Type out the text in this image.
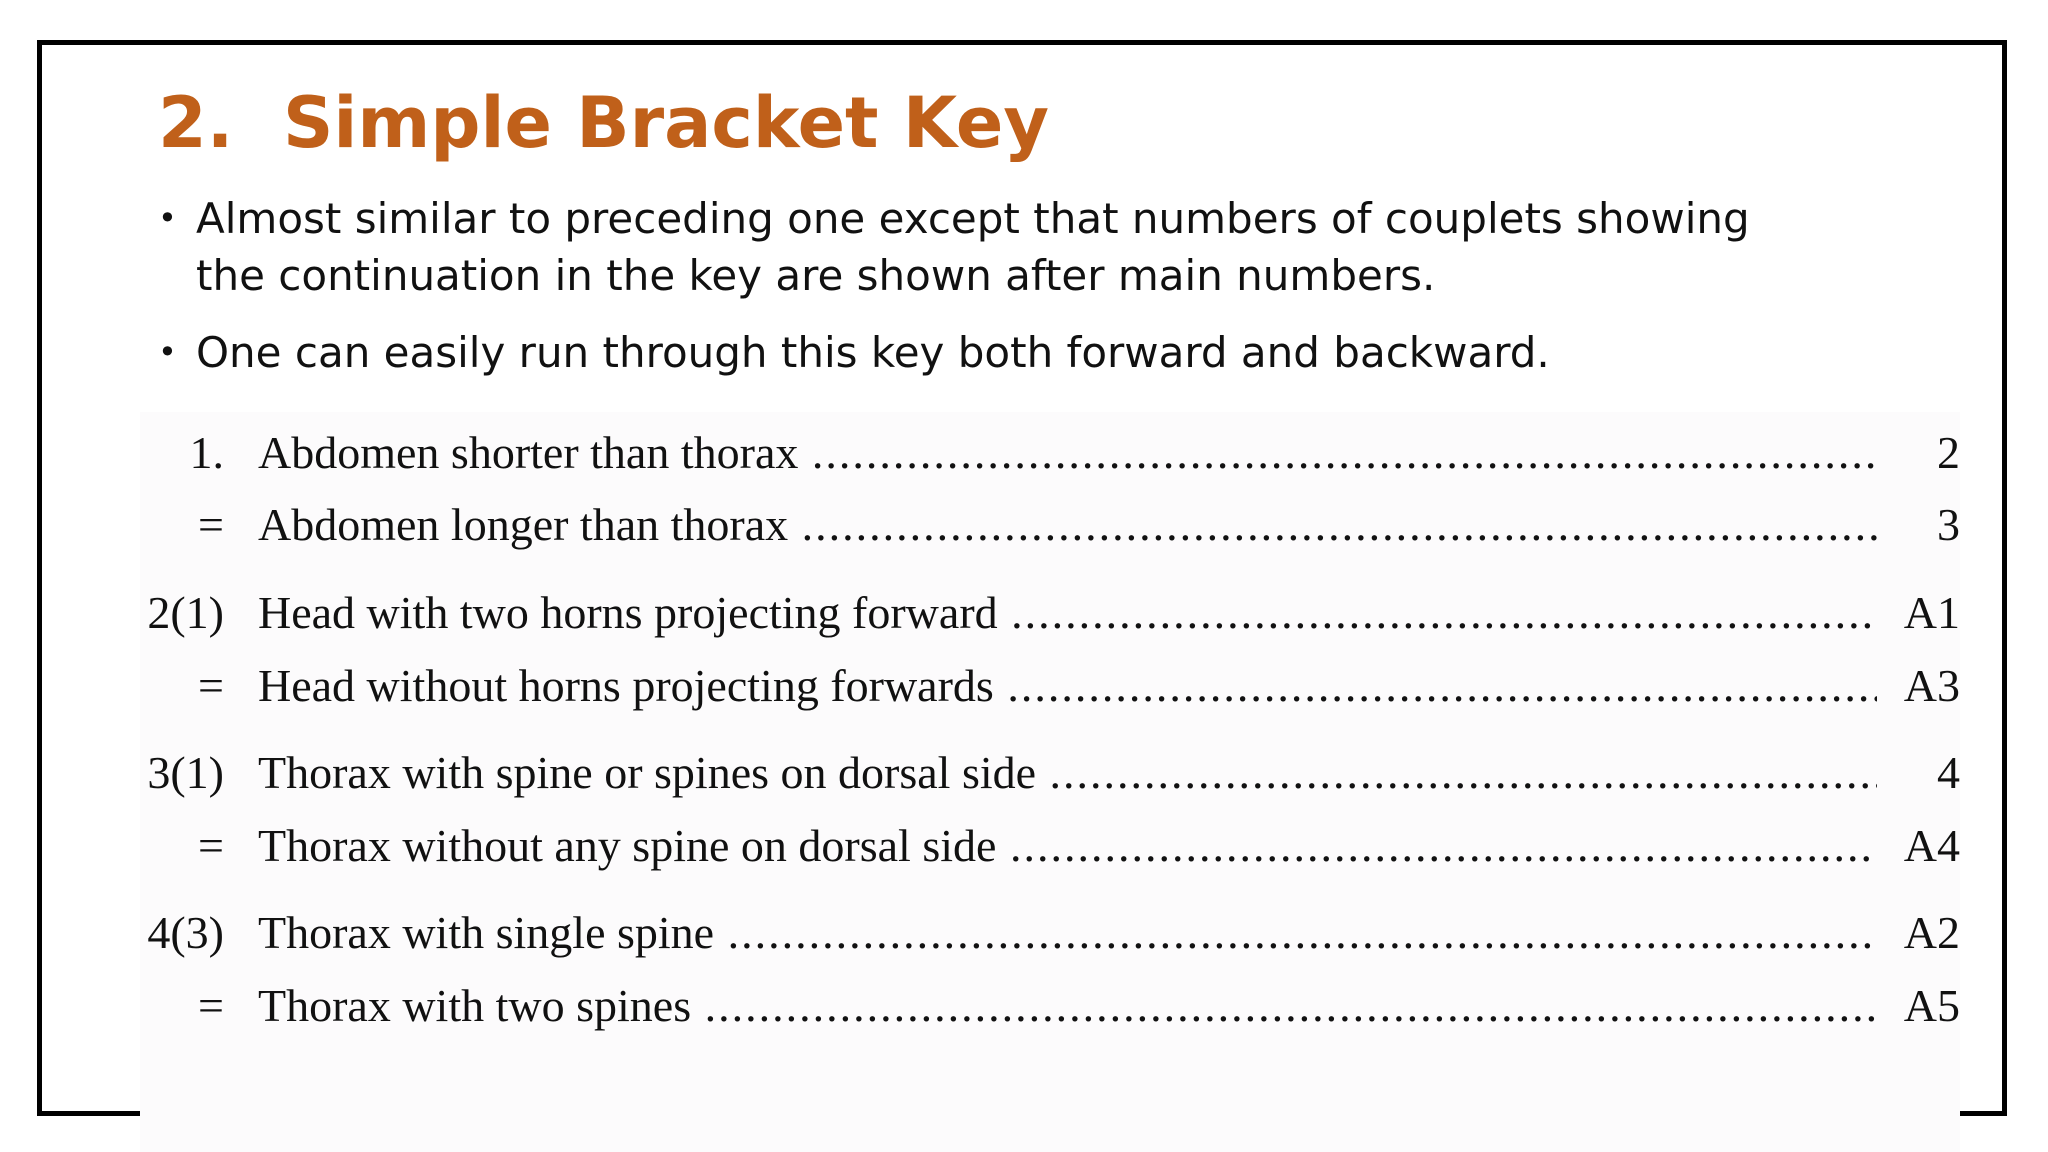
2. Simple Bracket Key
• Almost similar to preceding one except that numbers of couplets showing the continuation in the key are shown after main numbers.
• One can easily run through this key both forward and backward.
1. Abdomen shorter than thorax .....	2
= Abdomen longer than thorax .....	3
2(1) Head with two horns projecting forward .....	A1
= Head without horns projecting forwards .....	A3
3(1) Thorax with spine or spines on dorsal side .....	4
= Thorax without any spine on dorsal side .....	A4
4(3) Thorax with single spine .....	A2
= Thorax with two spines .....	A5
